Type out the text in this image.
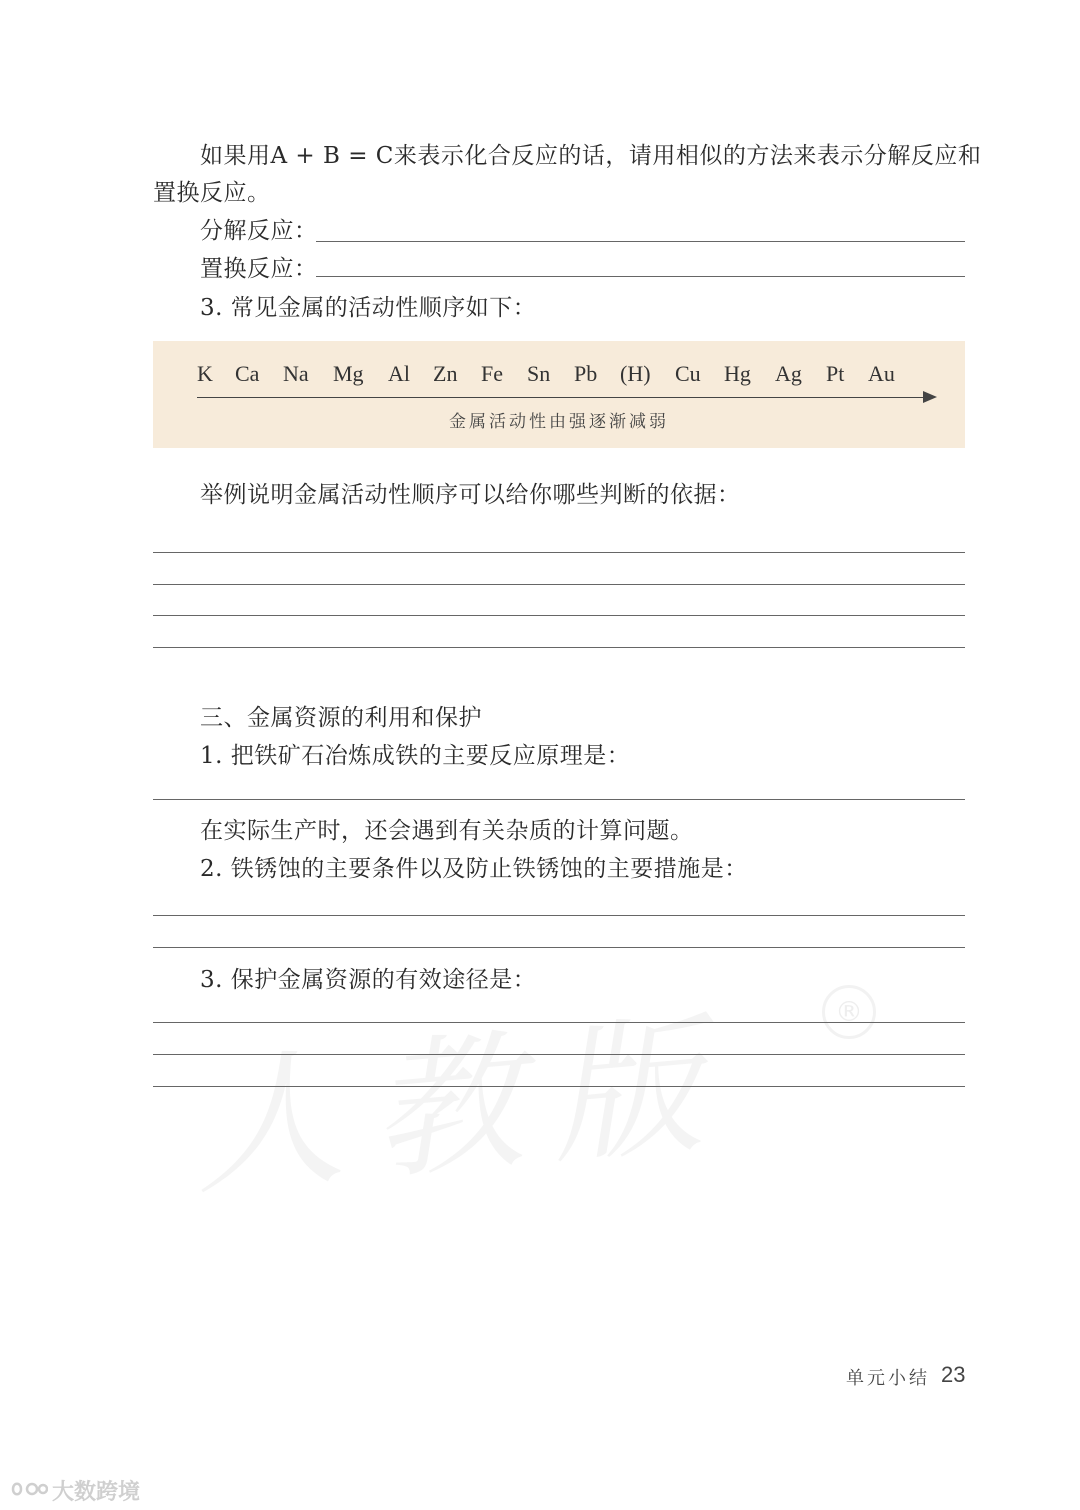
如果用A + B = C来表示化合反应的话，请用相似的方法来表示分解反应和
置换反应。
分解反应：
置换反应：
3. 常见金属的活动性顺序如下：
K Ca Na Mg Al Zn Fe Sn Pb (H) Cu Hg Ag Pt Au
金属活动性由强逐渐减弱
举例说明金属活动性顺序可以给你哪些判断的依据：
人教版	®
三、金属资源的利用和保护
1. 把铁矿石冶炼成铁的主要反应原理是：
在实际生产时，还会遇到有关杂质的计算问题。
2. 铁锈蚀的主要条件以及防止铁锈蚀的主要措施是：
3. 保护金属资源的有效途径是：
单元小结 23
大数跨境
